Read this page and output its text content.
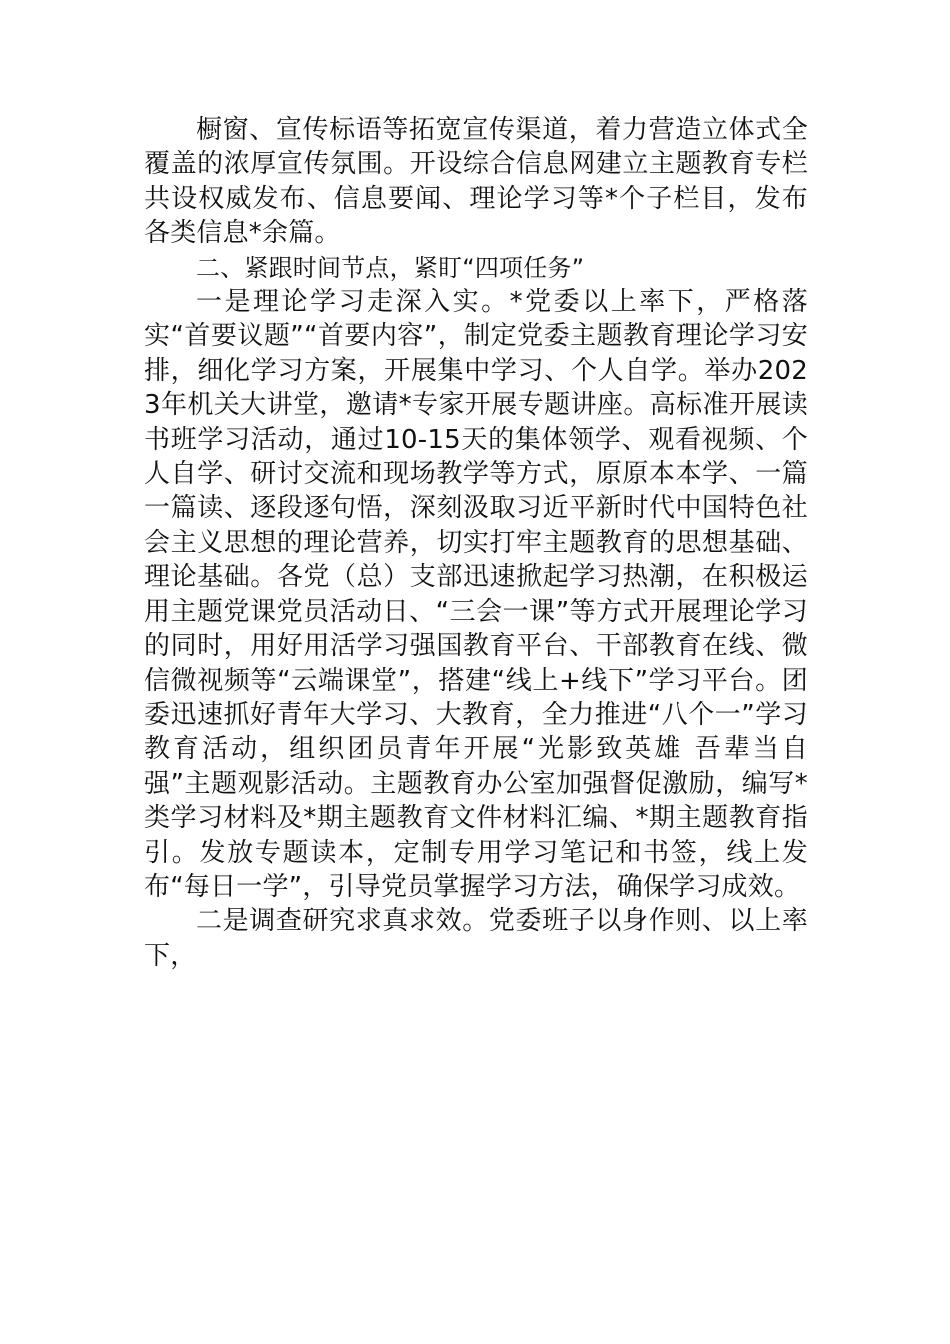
橱窗、宣传标语等拓宽宣传渠道，着力营造立体式全覆盖的浓厚宣传氛围。开设综合信息网建立主题教育专栏共设权威发布、信息要闻、理论学习等*个子栏目，发布各类信息*余篇。

二、紧跟时间节点，紧盯“四项任务”

一是理论学习走深入实。*党委以上率下，严格落实“首要议题”“首要内容”，制定党委主题教育理论学习安排，细化学习方案，开展集中学习、个人自学。举办2023年机关大讲堂，邀请*专家开展专题讲座。高标准开展读书班学习活动，通过10-15天的集体领学、观看视频、个人自学、研讨交流和现场教学等方式，原原本本学、一篇一篇读、逐段逐句悟，深刻汲取习近平新时代中国特色社会主义思想的理论营养，切实打牢主题教育的思想基础、理论基础。各党（总）支部迅速掀起学习热潮，在积极运用主题党课党员活动日、“三会一课”等方式开展理论学习的同时，用好用活学习强国教育平台、干部教育在线、微信微视频等“云端课堂”，搭建“线上+线下”学习平台。团委迅速抓好青年大学习、大教育，全力推进“八个一”学习教育活动，组织团员青年开展“光影致英雄 吾辈当自强”主题观影活动。主题教育办公室加强督促激励，编写*类学习材料及*期主题教育文件材料汇编、*期主题教育指引。发放专题读本，定制专用学习笔记和书签，线上发布“每日一学”，引导党员掌握学习方法，确保学习成效。

二是调查研究求真求效。党委班子以身作则、以上率下，
